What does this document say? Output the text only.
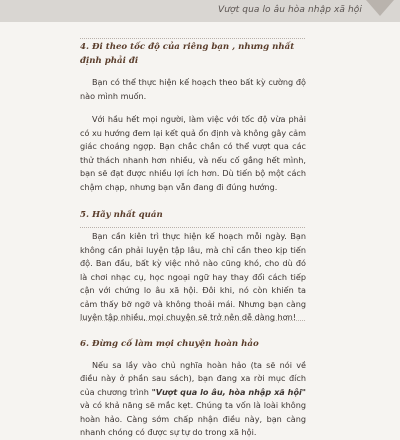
Vượt qua lo âu hòa nhập xã hội

4. Đi theo tốc độ của riêng bạn , nhưng nhất định phải đi

Bạn có thể thực hiện kế hoạch theo bất kỳ cường độ nào mình muốn.

Với hầu hết mọi người, làm việc với tốc độ vừa phải có xu hướng đem lại kết quả ổn định và không gây cảm giác choáng ngợp. Bạn chắc chắn có thể vượt qua các thử thách nhanh hơn nhiều, và nếu cố gắng hết mình, bạn sẽ đạt được nhiều lợi ích hơn. Dù tiến bộ một cách chậm chạp, nhưng bạn vẫn đang đi đúng hướng.

5. Hãy nhất quán

Bạn cần kiên trì thực hiện kế hoạch mỗi ngày. Bạn không cần phải luyện tập lâu, mà chỉ cần theo kịp tiến độ. Ban đầu, bất kỳ việc nhỏ nào cũng khó, cho dù đó là chơi nhạc cụ, học ngoại ngữ hay thay đổi cách tiếp cận với chứng lo âu xã hội. Đôi khi, nó còn khiến ta cảm thấy bỡ ngỡ và không thoải mái. Nhưng bạn càng luyện tập nhiều, mọi chuyện sẽ trở nên dễ dàng hơn!

6. Đừng cố làm mọi chuyện hoàn hảo

Nếu sa lầy vào chủ nghĩa hoàn hảo (ta sẽ nói về điều này ở phần sau sách), bạn đang xa rời mục đích của chương trình "Vượt qua lo âu, hòa nhập xã hội" và có khả năng sẽ mắc kẹt. Chúng ta vốn là loài không hoàn hảo. Càng sớm chấp nhận điều này, bạn càng nhanh chóng có được sự tự do trong xã hội.
